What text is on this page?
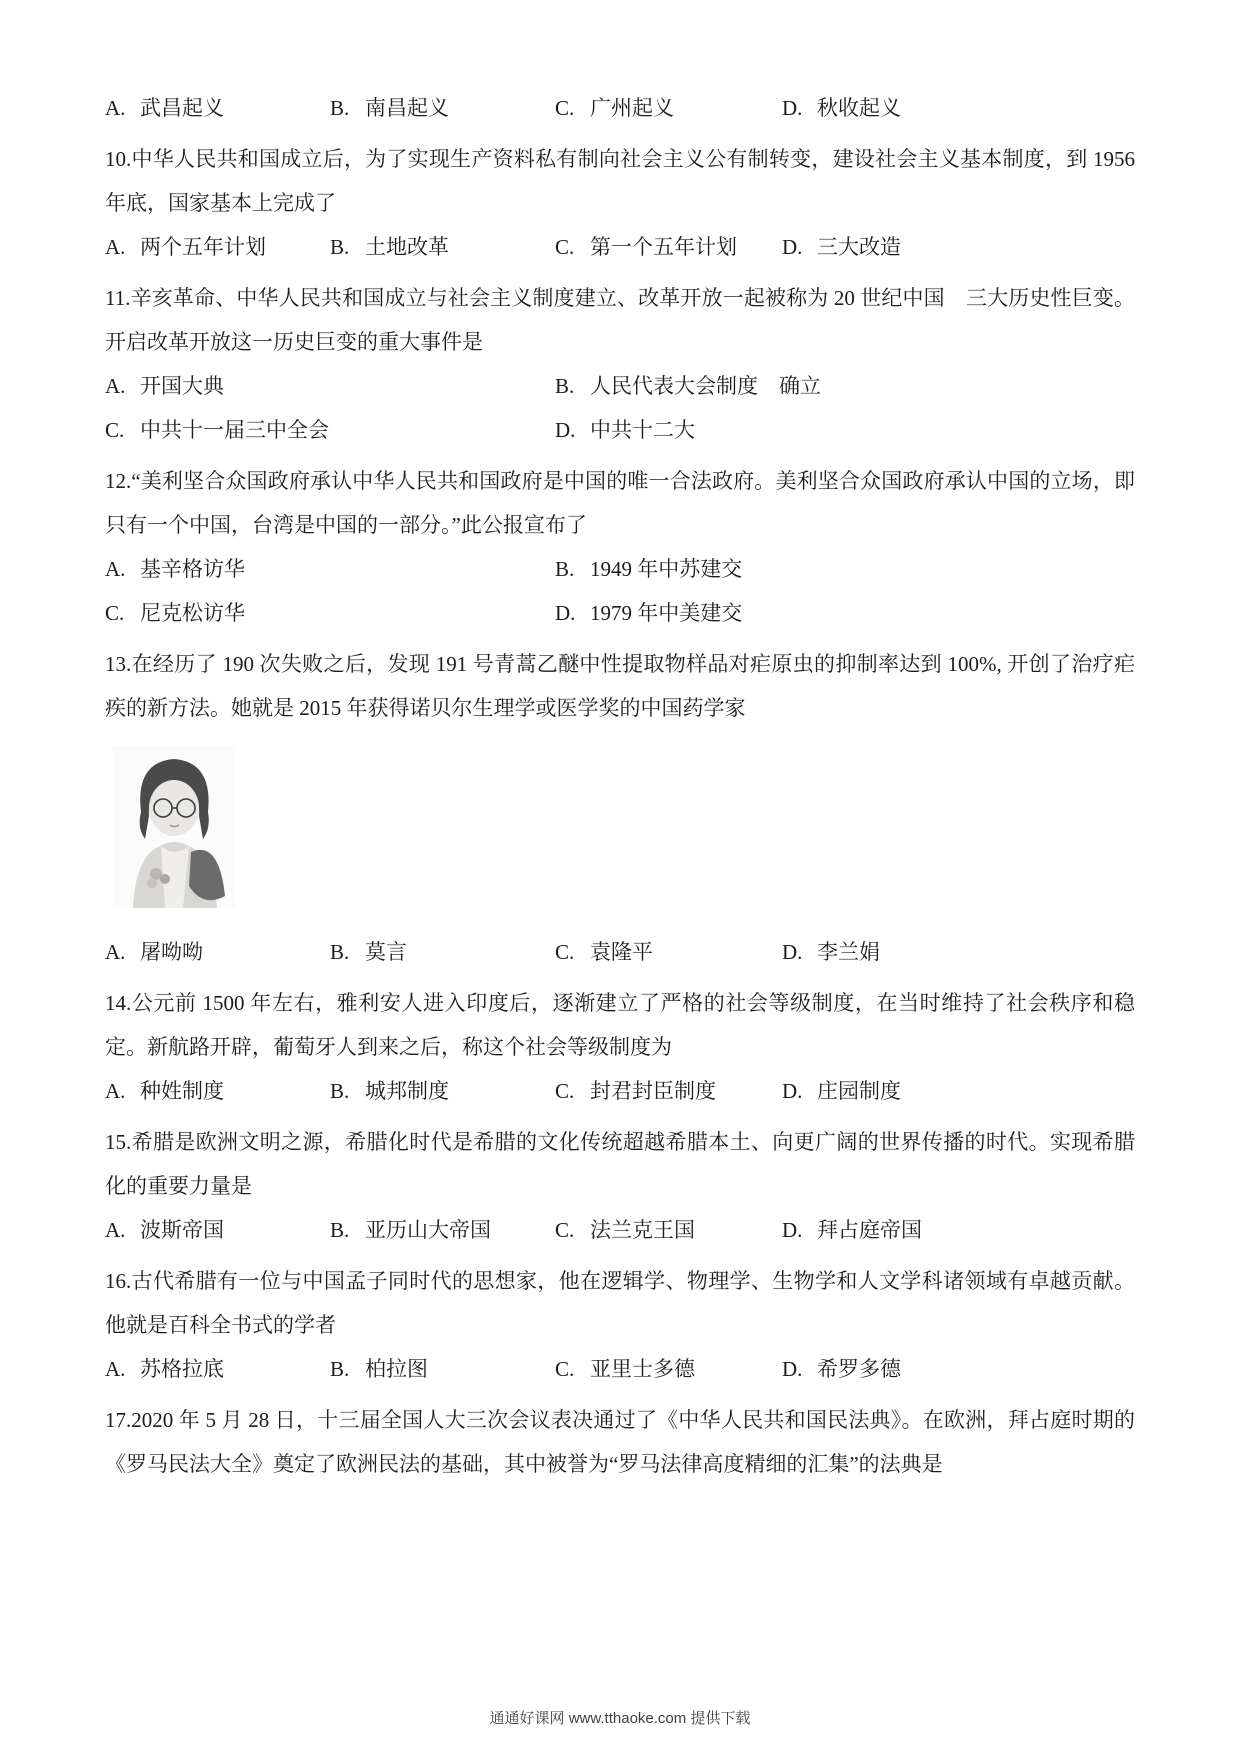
A. 武昌起义	B. 南昌起义	C. 广州起义	D. 秋收起义

10.中华人民共和国成立后，为了实现生产资料私有制向社会主义公有制转变，建设社会主义基本制度，到 1956 年底，国家基本上完成了

A. 两个五年计划	B. 土地改革	C. 第一个五年计划	D. 三大改造

11.辛亥革命、中华人民共和国成立与社会主义制度建立、改革开放一起被称为 20 世纪中国　三大历史性巨变。开启改革开放这一历史巨变的重大事件是

A. 开国大典	B. 人民代表大会制度　确立
C. 中共十一届三中全会	D. 中共十二大

12.“美利坚合众国政府承认中华人民共和国政府是中国的唯一合法政府。美利坚合众国政府承认中国的立场，即只有一个中国，台湾是中国的一部分。”此公报宣布了

A. 基辛格访华	B. 1949 年中苏建交
C. 尼克松访华	D. 1979 年中美建交

13.在经历了 190 次失败之后，发现 191 号青蒿乙醚中性提取物样品对疟原虫的抑制率达到 100%, 开创了治疗疟疾的新方法。她就是 2015 年获得诺贝尔生理学或医学奖的中国药学家

A. 屠呦呦	B. 莫言	C. 袁隆平	D. 李兰娟

14.公元前 1500 年左右，雅利安人进入印度后，逐渐建立了严格的社会等级制度，在当时维持了社会秩序和稳定。新航路开辟，葡萄牙人到来之后，称这个社会等级制度为

A. 种姓制度	B. 城邦制度	C. 封君封臣制度	D. 庄园制度

15.希腊是欧洲文明之源，希腊化时代是希腊的文化传统超越希腊本土、向更广阔的世界传播的时代。实现希腊化的重要力量是

A. 波斯帝国	B. 亚历山大帝国	C. 法兰克王国	D. 拜占庭帝国

16.古代希腊有一位与中国孟子同时代的思想家，他在逻辑学、物理学、生物学和人文学科诸领域有卓越贡献。他就是百科全书式的学者

A. 苏格拉底	B. 柏拉图	C. 亚里士多德	D. 希罗多德

17.2020 年 5 月 28 日，十三届全国人大三次会议表决通过了《中华人民共和国民法典》。在欧洲，拜占庭时期的《罗马民法大全》奠定了欧洲民法的基础，其中被誉为“罗马法律高度精细的汇集”的法典是

通通好课网 www.tthaoke.com 提供下载
